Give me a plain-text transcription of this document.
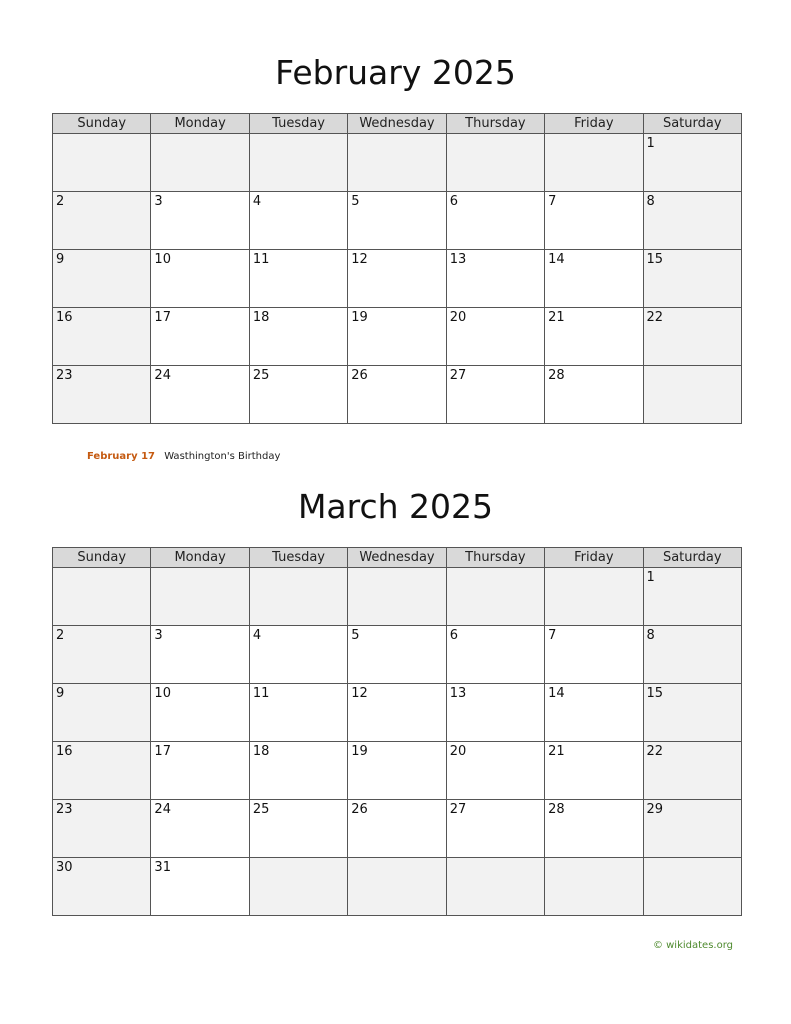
February 2025
Sunday	Monday	Tuesday	Wednesday	Thursday	Friday	Saturday

						1

2	3	4	5	6	7	8

9	10	11	12	13	14	15

16	17	18	19	20	21	22

23	24	25	26	27	28	

February 17 Wasthington's Birthday
March 2025
Sunday	Monday	Tuesday	Wednesday	Thursday	Friday	Saturday

						1

2	3	4	5	6	7	8

9	10	11	12	13	14	15

16	17	18	19	20	21	22

23	24	25	26	27	28	29

30	31					

© wikidates.org
